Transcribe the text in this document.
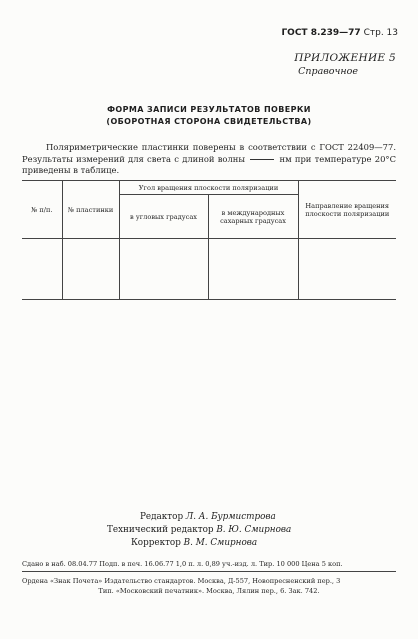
ГОСТ 8.239—77 Стр. 13
ПРИЛОЖЕНИЕ 5
Справочное
ФОРМА ЗАПИСИ РЕЗУЛЬТАТОВ ПОВЕРКИ
(ОБОРОТНАЯ СТОРОНА СВИДЕТЕЛЬСТВА)
Поляриметрические пластинки поверены в соответствии с ГОСТ 22409—77. Результаты измерений для света с длиной волны	нм при температуре 20°С приведены в таблице.
№ п/п.	№ пластинки	Угол вращения плоскости поляризации		Направление вращения плоскости поляризации
		в угловых градусах	в международных сахарных градусах	

Редактор Л. А. Бурмистрова
Технический редактор В. Ю. Смирнова
Корректор В. М. Смирнова
Сдано в наб. 08.04.77 Подп. в печ. 16.06.77 1,0 п. л. 0,89 уч.-изд. л. Тир. 10 000 Цена 5 коп.
Ордена «Знак Почета» Издательство стандартов. Москва, Д-557, Новопресненский пер., 3
Тип. «Московский печатник». Москва, Лялин пер., 6. Зак. 742.
